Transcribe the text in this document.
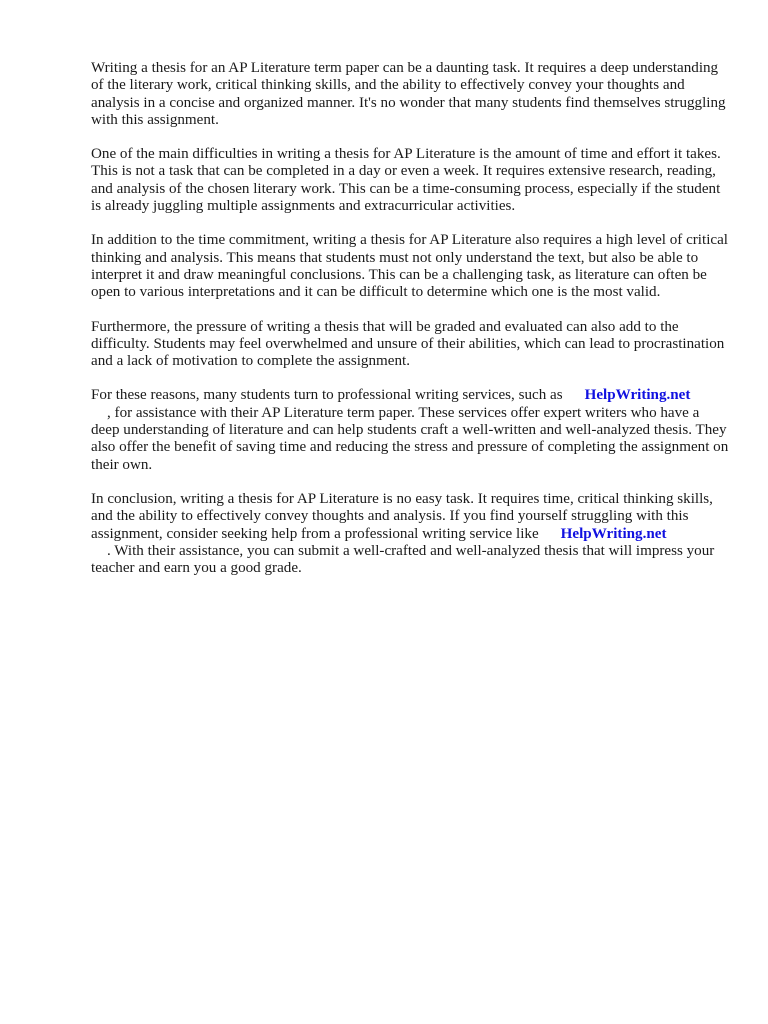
Writing a thesis for an AP Literature term paper can be a daunting task. It requires a deep understanding of the literary work, critical thinking skills, and the ability to effectively convey your thoughts and analysis in a concise and organized manner. It's no wonder that many students find themselves struggling with this assignment.

One of the main difficulties in writing a thesis for AP Literature is the amount of time and effort it takes. This is not a task that can be completed in a day or even a week. It requires extensive research, reading, and analysis of the chosen literary work. This can be a time-consuming process, especially if the student is already juggling multiple assignments and extracurricular activities.

In addition to the time commitment, writing a thesis for AP Literature also requires a high level of critical thinking and analysis. This means that students must not only understand the text, but also be able to interpret it and draw meaningful conclusions. This can be a challenging task, as literature can often be open to various interpretations and it can be difficult to determine which one is the most valid.

Furthermore, the pressure of writing a thesis that will be graded and evaluated can also add to the difficulty. Students may feel overwhelmed and unsure of their abilities, which can lead to procrastination and a lack of motivation to complete the assignment.

For these reasons, many students turn to professional writing services, such as HelpWriting.net
, for assistance with their AP Literature term paper. These services offer expert writers who have a deep understanding of literature and can help students craft a well-written and well-analyzed thesis. They also offer the benefit of saving time and reducing the stress and pressure of completing the assignment on their own.

In conclusion, writing a thesis for AP Literature is no easy task. It requires time, critical thinking skills, and the ability to effectively convey thoughts and analysis. If you find yourself struggling with this assignment, consider seeking help from a professional writing service like HelpWriting.net
. With their assistance, you can submit a well-crafted and well-analyzed thesis that will impress your teacher and earn you a good grade.
